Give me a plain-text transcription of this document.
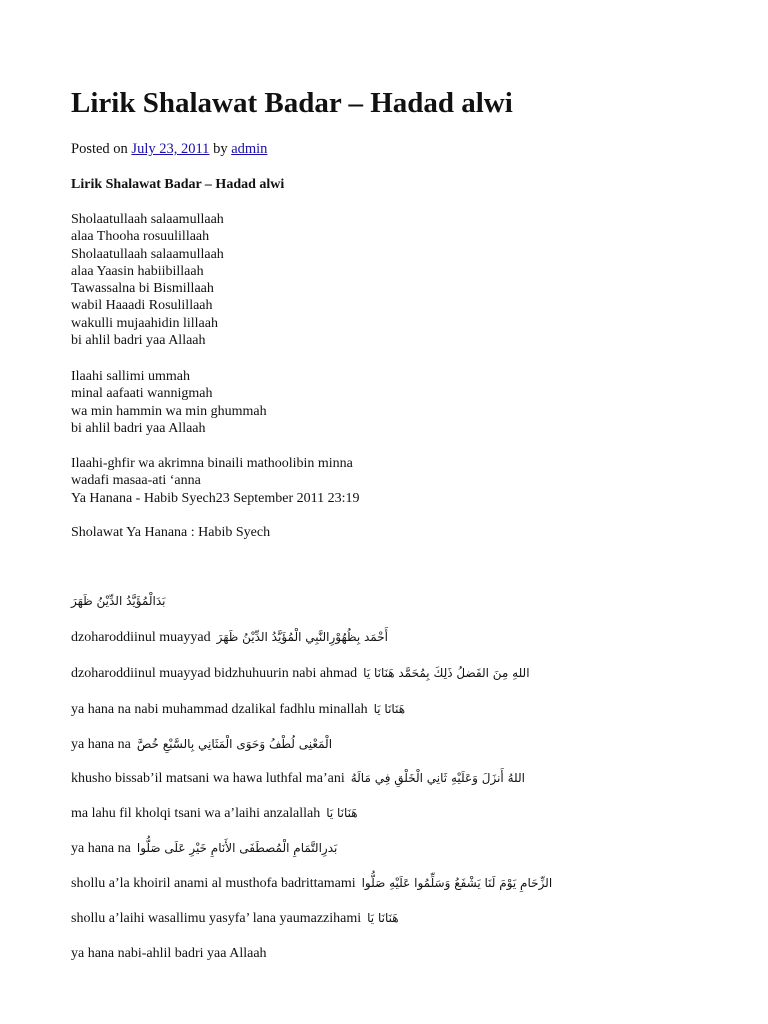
Lirik Shalawat Badar – Hadad alwi
Posted on July 23, 2011 by admin
Lirik Shalawat Badar – Hadad alwi
Sholaatullaah salaamullaah
alaa Thooha rosuulillaah
Sholaatullaah salaamullaah
alaa Yaasin habiibillaah
Tawassalna bi Bismillaah
wabil Haaadi Rosulillaah
wakulli mujaahidin lillaah
bi ahlil badri yaa Allaah
Ilaahi sallimi ummah
minal aafaati wannigmah
wa min hammin wa min ghummah
bi ahlil badri yaa Allaah
Ilaahi-ghfir wa akrimna binaili mathoolibin minna
wadafi masaa-ati ‘anna
Ya Hanana - Habib Syech23 September 2011 23:19
Sholawat Ya Hanana : Habib Syech
بَدَالْمُؤَيَّدُ الدِّيْنُ ظَهَرَ
dzoharoddiinul muayyad أَحْمَد بِظُهُوْرِالنَّبِي الْمُؤَيَّدُ الدِّيْنُ ظَهَرَ
dzoharoddiinul muayyad bidzhuhuurin nabi ahmad اللهِ مِنَ الفَضلُ ذَلِكَ بِمُحَمَّد هَنَانَا يَا
ya hana na nabi muhammad dzalikal fadhlu minallah هَنَانَا يَا
ya hana na الْمَعْنِى لُطْفُ وَحَوَى الْمَثَانِي بِالسَّبْعِ خُصَّ
khusho bissab’il matsani wa hawa luthfal ma’ani اللهُ أَنزَلَ وَعَلَيْهِ ثَانِي الْخَلْقِ فِي مَالَهُ
ma lahu fil kholqi tsani wa a’laihi anzalallah هَنَانَا يَا
ya hana na بَدرِالتَّمَامِ الْمُصطَفَى الأَنَامِ خَيْرِ عَلَى صَلُّوا
shollu a’la khoiril anami al musthofa badrittamami الزِّحَامِ يَوْمَ لَنَا يَشْفَعُ وَسَلِّمُوا عَلَيْهِ صَلُّوا
shollu a’laihi wasallimu yasyfa’ lana yaumazzihami هَنَانَا يَا
ya hana nabi-ahlil badri yaa Allaah
